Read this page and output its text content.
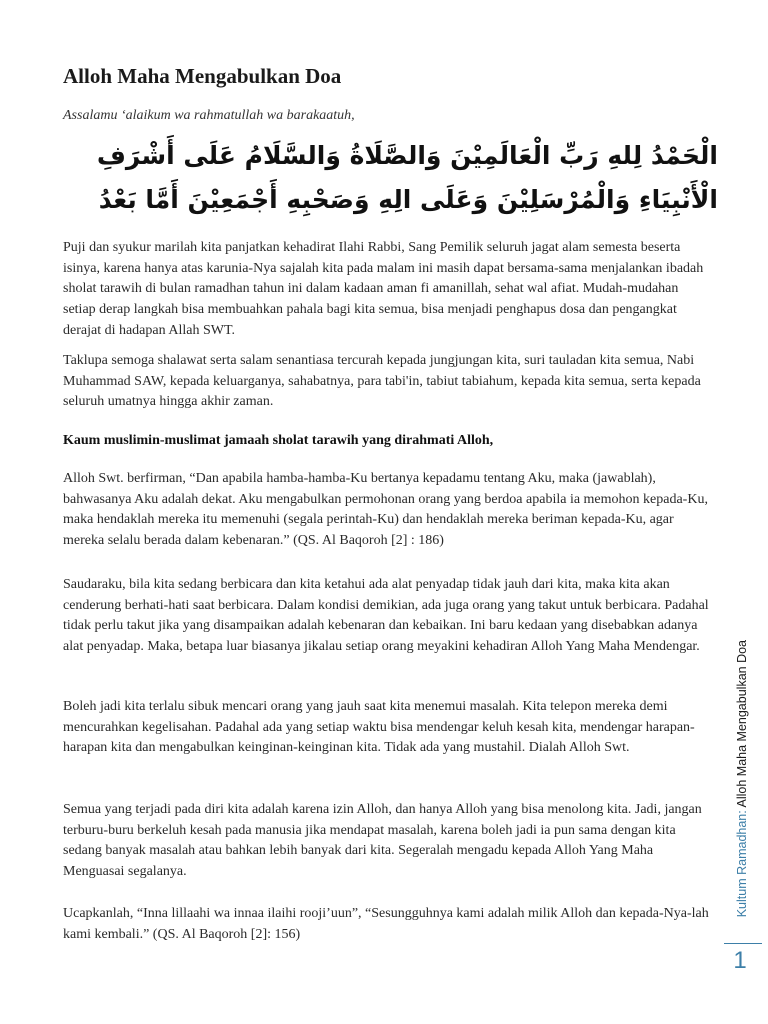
Alloh Maha Mengabulkan Doa

Assalamu ‘alaikum wa rahmatullah wa barakaatuh,

الْحَمْدُ لِلهِ رَبِّ الْعَالَمِيْنَ وَالصَّلَاةُ وَالسَّلَامُ عَلَى أَشْرَفِ الْأَنْبِيَاءِ وَالْمُرْسَلِيْنَ وَعَلَى الِهِ وَصَحْبِهِ أَجْمَعِيْنَ أَمَّا بَعْدُ

Puji dan syukur marilah kita panjatkan kehadirat Ilahi Rabbi, Sang Pemilik seluruh jagat alam semesta beserta isinya, karena hanya atas karunia-Nya sajalah kita pada malam ini masih dapat bersama-sama menjalankan ibadah sholat tarawih di bulan ramadhan tahun ini dalam kadaan aman fi amanillah, sehat wal afiat. Mudah-mudahan setiap derap langkah bisa membuahkan pahala bagi kita semua, bisa menjadi penghapus dosa dan pengangkat derajat di hadapan Allah SWT.

Taklupa semoga shalawat serta salam senantiasa tercurah kepada jungjungan kita, suri tauladan kita semua, Nabi Muhammad SAW, kepada keluarganya, sahabatnya, para tabi'in, tabiut tabiahum, kepada kita semua, serta kepada seluruh umatnya hingga akhir zaman.

Kaum muslimin-muslimat jamaah sholat tarawih yang dirahmati Alloh,

Alloh Swt. berfirman, “Dan apabila hamba-hamba-Ku bertanya kepadamu tentang Aku, maka (jawablah), bahwasanya Aku adalah dekat. Aku mengabulkan permohonan orang yang berdoa apabila ia memohon kepada-Ku, maka hendaklah mereka itu memenuhi (segala perintah-Ku) dan hendaklah mereka beriman kepada-Ku, agar mereka selalu berada dalam kebenaran.” (QS. Al Baqoroh [2] : 186)

Saudaraku, bila kita sedang berbicara dan kita ketahui ada alat penyadap tidak jauh dari kita, maka kita akan cenderung berhati-hati saat berbicara. Dalam kondisi demikian, ada juga orang yang takut untuk berbicara. Padahal tidak perlu takut jika yang disampaikan adalah kebenaran dan kebaikan. Ini baru kedaan yang disebabkan adanya alat penyadap. Maka, betapa luar biasanya jikalau setiap orang meyakini kehadiran Alloh Yang Maha Mendengar.

Boleh jadi kita terlalu sibuk mencari orang yang jauh saat kita menemui masalah. Kita telepon mereka demi mencurahkan kegelisahan. Padahal ada yang setiap waktu bisa mendengar keluh kesah kita, mendengar harapan-harapan kita dan mengabulkan keinginan-keinginan kita. Tidak ada yang mustahil. Dialah Alloh Swt.

Semua yang terjadi pada diri kita adalah karena izin Alloh, dan hanya Alloh yang bisa menolong kita. Jadi, jangan terburu-buru berkeluh kesah pada manusia jika mendapat masalah, karena boleh jadi ia pun sama dengan kita sedang banyak masalah atau bahkan lebih banyak dari kita. Segeralah mengadu kepada Alloh Yang Maha Menguasai segalanya.

Ucapkanlah, “Inna lillaahi wa innaa ilaihi rooji’uun”, “Sesungguhnya kami adalah milik Alloh dan kepada-Nya-lah kami kembali.” (QS. Al Baqoroh [2]: 156)

Kultum Ramadhan: Alloh Maha Mengabulkan Doa
1
